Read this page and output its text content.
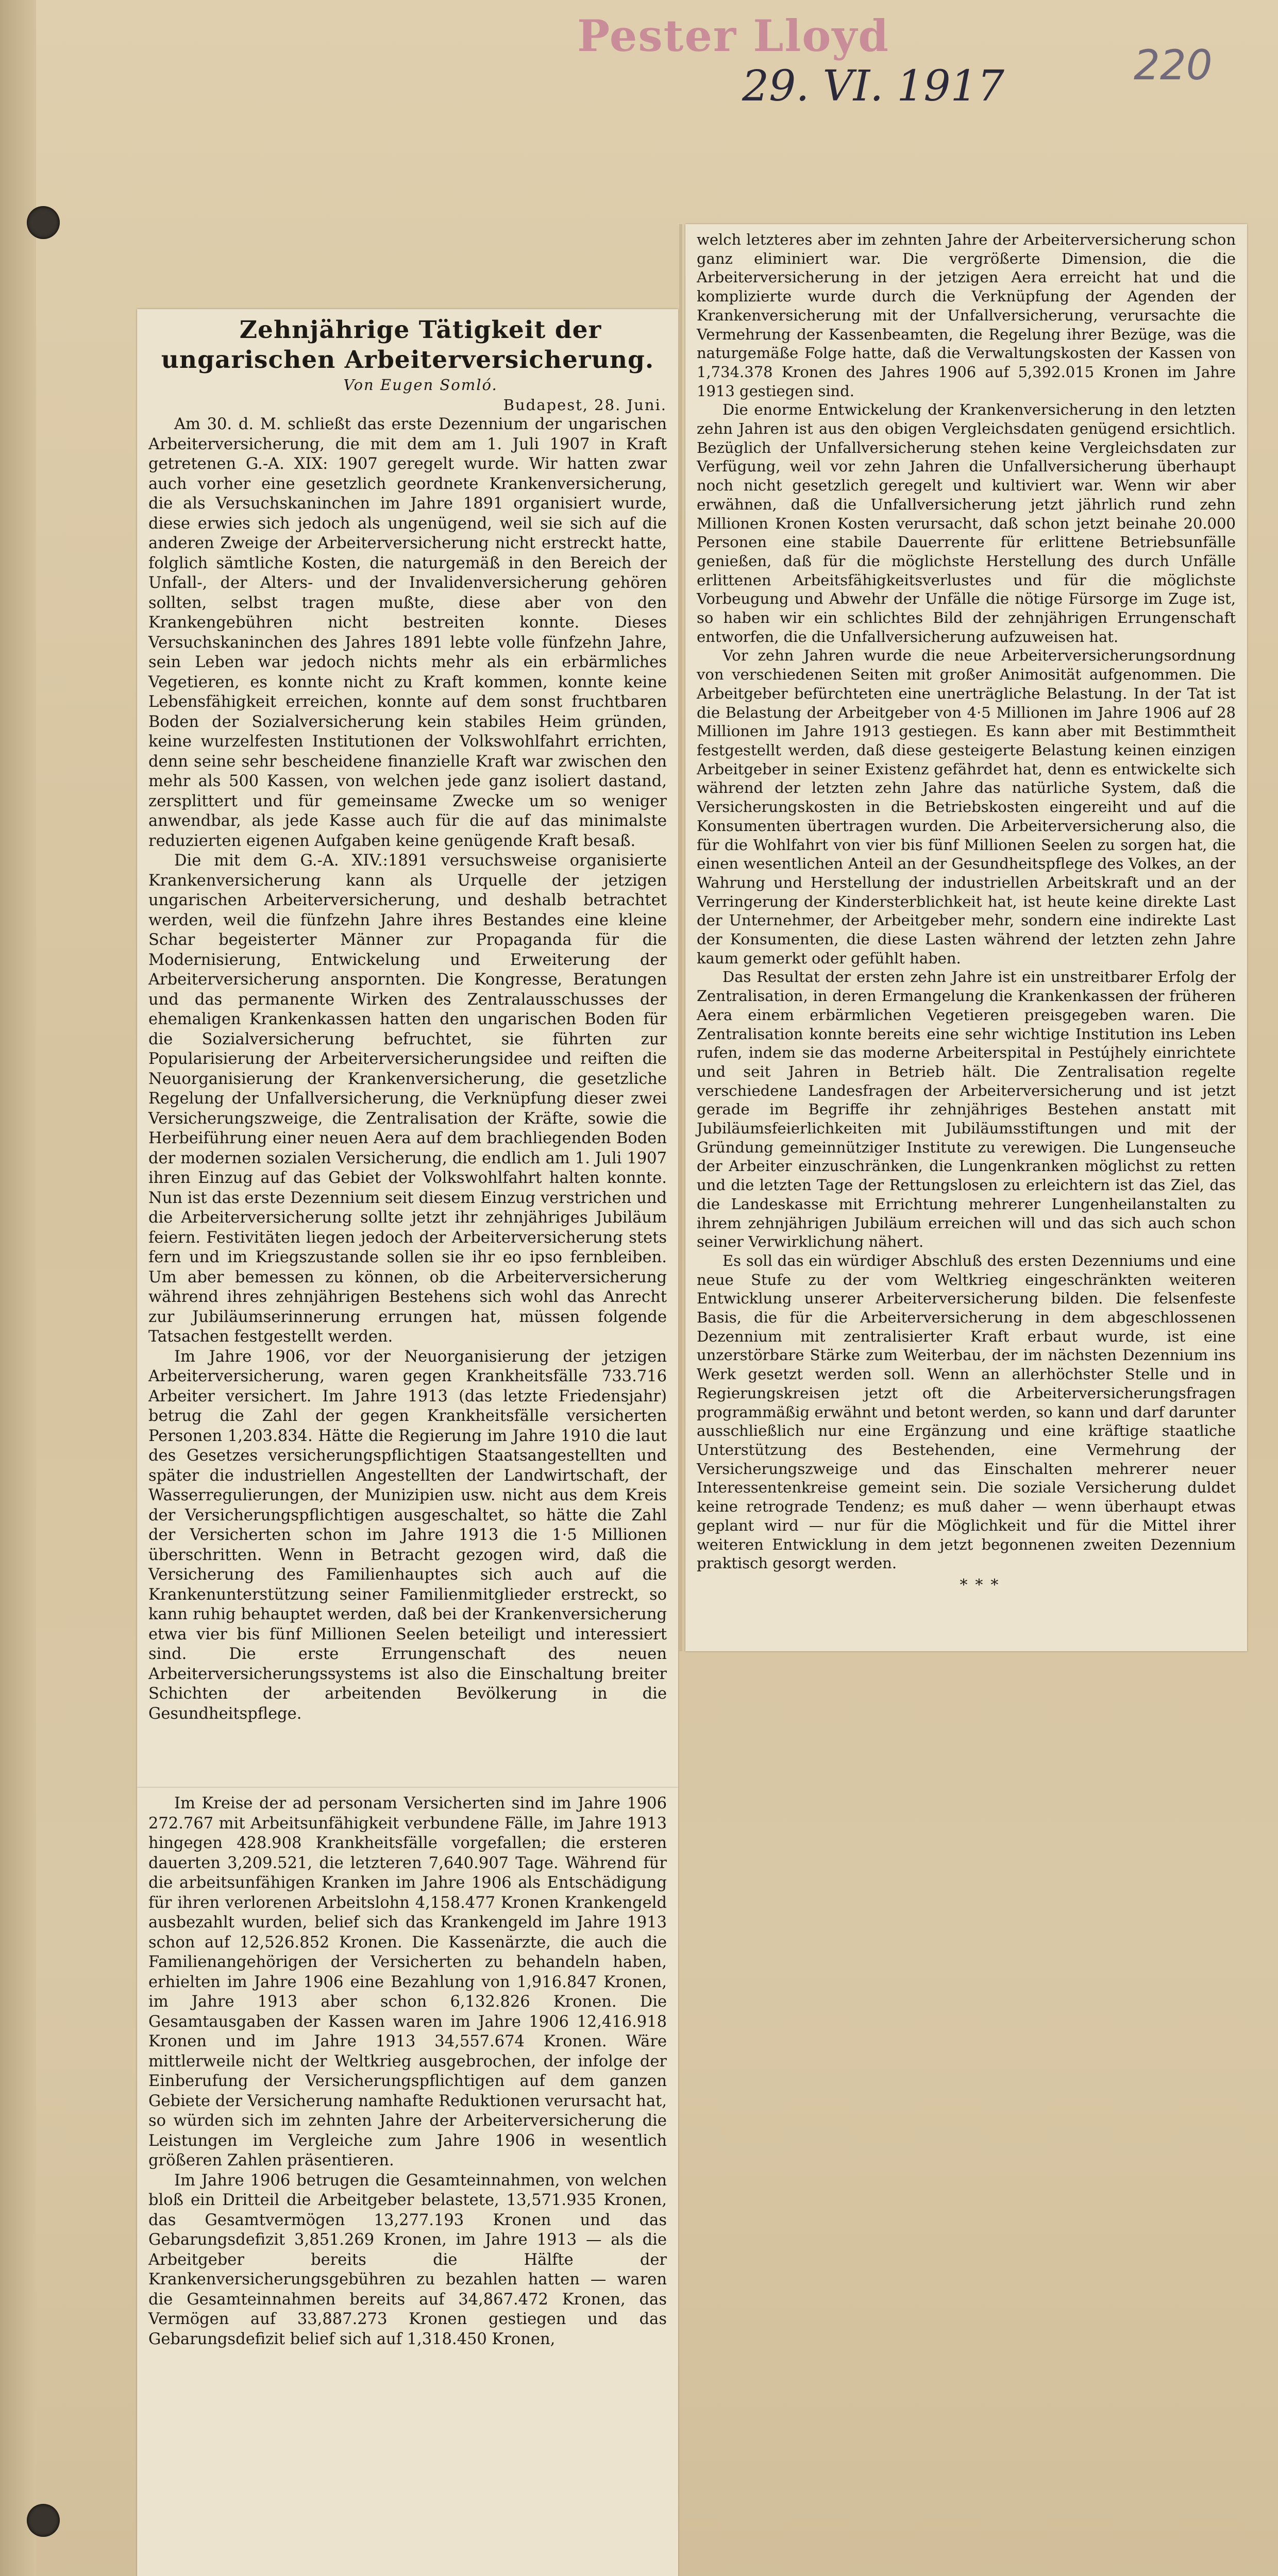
Pester Lloyd
29. VI. 1917	220

Zehnjährige Tätigkeit der ungarischen Arbeiterversicherung.

Von Eugen Somló.

Budapest, 28. Juni.

Am 30. d. M. schließt das erste Dezennium der ungarischen Arbeiterversicherung, die mit dem am 1. Juli 1907 in Kraft getretenen G.-A. XIX: 1907 geregelt wurde. Wir hatten zwar auch vorher eine gesetzlich geordnete Krankenversicherung, die als Versuchskaninchen im Jahre 1891 organisiert wurde, diese erwies sich jedoch als ungenügend, weil sie sich auf die anderen Zweige der Arbeiterversicherung nicht erstreckt hatte, folglich sämtliche Kosten, die naturgemäß in den Bereich der Unfall-, der Alters- und der Invalidenversicherung gehören sollten, selbst tragen mußte, diese aber von den Krankengebühren nicht bestreiten konnte. Dieses Versuchskaninchen des Jahres 1891 lebte volle fünfzehn Jahre, sein Leben war jedoch nichts mehr als ein erbärmliches Vegetieren, es konnte nicht zu Kraft kommen, konnte keine Lebensfähigkeit erreichen, konnte auf dem sonst fruchtbaren Boden der Sozialversicherung kein stabiles Heim gründen, keine wurzelfesten Institutionen der Volkswohlfahrt errichten, denn seine sehr bescheidene finanzielle Kraft war zwischen den mehr als 500 Kassen, von welchen jede ganz isoliert dastand, zersplittert und für gemeinsame Zwecke um so weniger anwendbar, als jede Kasse auch für die auf das minimalste reduzierten eigenen Aufgaben keine genügende Kraft besaß.

Die mit dem G.-A. XIV.:1891 versuchsweise organisierte Krankenversicherung kann als Urquelle der jetzigen ungarischen Arbeiterversicherung, und deshalb betrachtet werden, weil die fünfzehn Jahre ihres Bestandes eine kleine Schar begeisterter Männer zur Propaganda für die Modernisierung, Entwickelung und Erweiterung der Arbeiterversicherung anspornten. Die Kongresse, Beratungen und das permanente Wirken des Zentralausschusses der ehemaligen Krankenkassen hatten den ungarischen Boden für die Sozialversicherung befruchtet, sie führten zur Popularisierung der Arbeiterversicherungsidee und reiften die Neuorganisierung der Krankenversicherung, die gesetzliche Regelung der Unfallversicherung, die Verknüpfung dieser zwei Versicherungszweige, die Zentralisation der Kräfte, sowie die Herbeiführung einer neuen Aera auf dem brachliegenden Boden der modernen sozialen Versicherung, die endlich am 1. Juli 1907 ihren Einzug auf das Gebiet der Volkswohlfahrt halten konnte. Nun ist das erste Dezennium seit diesem Einzug verstrichen und die Arbeiterversicherung sollte jetzt ihr zehnjähriges Jubiläum feiern. Festivitäten liegen jedoch der Arbeiterversicherung stets fern und im Kriegszustande sollen sie ihr eo ipso fernbleiben. Um aber bemessen zu können, ob die Arbeiterversicherung während ihres zehnjährigen Bestehens sich wohl das Anrecht zur Jubiläumserinnerung errungen hat, müssen folgende Tatsachen festgestellt werden.

Im Jahre 1906, vor der Neuorganisierung der jetzigen Arbeiterversicherung, waren gegen Krankheitsfälle 733.716 Arbeiter versichert. Im Jahre 1913 (das letzte Friedensjahr) betrug die Zahl der gegen Krankheitsfälle versicherten Personen 1,203.834. Hätte die Regierung im Jahre 1910 die laut des Gesetzes versicherungspflichtigen Staatsangestellten und später die industriellen Angestellten der Landwirtschaft, der Wasserregulierungen, der Munizipien usw. nicht aus dem Kreis der Versicherungspflichtigen ausgeschaltet, so hätte die Zahl der Versicherten schon im Jahre 1913 die 1·5 Millionen überschritten. Wenn in Betracht gezogen wird, daß die Versicherung des Familienhauptes sich auch auf die Krankenunterstützung seiner Familienmitglieder erstreckt, so kann ruhig behauptet werden, daß bei der Krankenversicherung etwa vier bis fünf Millionen Seelen beteiligt und interessiert sind. Die erste Errungenschaft des neuen Arbeiterversicherungssystems ist also die Einschaltung breiter Schichten der arbeitenden Bevölkerung in die Gesundheitspflege.

Im Kreise der ad personam Versicherten sind im Jahre 1906 272.767 mit Arbeitsunfähigkeit verbundene Fälle, im Jahre 1913 hingegen 428.908 Krankheitsfälle vorgefallen; die ersteren dauerten 3,209.521, die letzteren 7,640.907 Tage. Während für die arbeitsunfähigen Kranken im Jahre 1906 als Entschädigung für ihren verlorenen Arbeitslohn 4,158.477 Kronen Krankengeld ausbezahlt wurden, belief sich das Krankengeld im Jahre 1913 schon auf 12,526.852 Kronen. Die Kassenärzte, die auch die Familienangehörigen der Versicherten zu behandeln haben, erhielten im Jahre 1906 eine Bezahlung von 1,916.847 Kronen, im Jahre 1913 aber schon 6,132.826 Kronen. Die Gesamtausgaben der Kassen waren im Jahre 1906 12,416.918 Kronen und im Jahre 1913 34,557.674 Kronen. Wäre mittlerweile nicht der Weltkrieg ausgebrochen, der infolge der Einberufung der Versicherungspflichtigen auf dem ganzen Gebiete der Versicherung namhafte Reduktionen verursacht hat, so würden sich im zehnten Jahre der Arbeiterversicherung die Leistungen im Vergleiche zum Jahre 1906 in wesentlich größeren Zahlen präsentieren.

Im Jahre 1906 betrugen die Gesamteinnahmen, von welchen bloß ein Dritteil die Arbeitgeber belastete, 13,571.935 Kronen, das Gesamtvermögen 13,277.193 Kronen und das Gebarungsdefizit 3,851.269 Kronen, im Jahre 1913 — als die Arbeitgeber bereits die Hälfte der Krankenversicherungsgebühren zu bezahlen hatten — waren die Gesamteinnahmen bereits auf 34,867.472 Kronen, das Vermögen auf 33,887.273 Kronen gestiegen und das Gebarungsdefizit belief sich auf 1,318.450 Kronen,

welch letzteres aber im zehnten Jahre der Arbeiterversicherung schon ganz eliminiert war. Die vergrößerte Dimension, die die Arbeiterversicherung in der jetzigen Aera erreicht hat und die komplizierte wurde durch die Verknüpfung der Agenden der Krankenversicherung mit der Unfallversicherung, verursachte die Vermehrung der Kassenbeamten, die Regelung ihrer Bezüge, was die naturgemäße Folge hatte, daß die Verwaltungskosten der Kassen von 1,734.378 Kronen des Jahres 1906 auf 5,392.015 Kronen im Jahre 1913 gestiegen sind.

Die enorme Entwickelung der Krankenversicherung in den letzten zehn Jahren ist aus den obigen Vergleichsdaten genügend ersichtlich. Bezüglich der Unfallversicherung stehen keine Vergleichsdaten zur Verfügung, weil vor zehn Jahren die Unfallversicherung überhaupt noch nicht gesetzlich geregelt und kultiviert war. Wenn wir aber erwähnen, daß die Unfallversicherung jetzt jährlich rund zehn Millionen Kronen Kosten verursacht, daß schon jetzt beinahe 20.000 Personen eine stabile Dauerrente für erlittene Betriebsunfälle genießen, daß für die möglichste Herstellung des durch Unfälle erlittenen Arbeitsfähigkeitsverlustes und für die möglichste Vorbeugung und Abwehr der Unfälle die nötige Fürsorge im Zuge ist, so haben wir ein schlichtes Bild der zehnjährigen Errungenschaft entworfen, die die Unfallversicherung aufzuweisen hat.

Vor zehn Jahren wurde die neue Arbeiterversicherungsordnung von verschiedenen Seiten mit großer Animosität aufgenommen. Die Arbeitgeber befürchteten eine unerträgliche Belastung. In der Tat ist die Belastung der Arbeitgeber von 4·5 Millionen im Jahre 1906 auf 28 Millionen im Jahre 1913 gestiegen. Es kann aber mit Bestimmtheit festgestellt werden, daß diese gesteigerte Belastung keinen einzigen Arbeitgeber in seiner Existenz gefährdet hat, denn es entwickelte sich während der letzten zehn Jahre das natürliche System, daß die Versicherungskosten in die Betriebskosten eingereiht und auf die Konsumenten übertragen wurden. Die Arbeiterversicherung also, die für die Wohlfahrt von vier bis fünf Millionen Seelen zu sorgen hat, die einen wesentlichen Anteil an der Gesundheitspflege des Volkes, an der Wahrung und Herstellung der industriellen Arbeitskraft und an der Verringerung der Kindersterblichkeit hat, ist heute keine direkte Last der Unternehmer, der Arbeitgeber mehr, sondern eine indirekte Last der Konsumenten, die diese Lasten während der letzten zehn Jahre kaum gemerkt oder gefühlt haben.

Das Resultat der ersten zehn Jahre ist ein unstreitbarer Erfolg der Zentralisation, in deren Ermangelung die Krankenkassen der früheren Aera einem erbärmlichen Vegetieren preisgegeben waren. Die Zentralisation konnte bereits eine sehr wichtige Institution ins Leben rufen, indem sie das moderne Arbeiterspital in Pestújhely einrichtete und seit Jahren in Betrieb hält. Die Zentralisation regelte verschiedene Landesfragen der Arbeiterversicherung und ist jetzt gerade im Begriffe ihr zehnjähriges Bestehen anstatt mit Jubiläumsfeierlichkeiten mit Jubiläumsstiftungen und mit der Gründung gemeinnütziger Institute zu verewigen. Die Lungenseuche der Arbeiter einzuschränken, die Lungenkranken möglichst zu retten und die letzten Tage der Rettungslosen zu erleichtern ist das Ziel, das die Landeskasse mit Errichtung mehrerer Lungenheilanstalten zu ihrem zehnjährigen Jubiläum erreichen will und das sich auch schon seiner Verwirklichung nähert.

Es soll das ein würdiger Abschluß des ersten Dezenniums und eine neue Stufe zu der vom Weltkrieg eingeschränkten weiteren Entwicklung unserer Arbeiterversicherung bilden. Die felsenfeste Basis, die für die Arbeiterversicherung in dem abgeschlossenen Dezennium mit zentralisierter Kraft erbaut wurde, ist eine unzerstörbare Stärke zum Weiterbau, der im nächsten Dezennium ins Werk gesetzt werden soll. Wenn an allerhöchster Stelle und in Regierungskreisen jetzt oft die Arbeiterversicherungsfragen programmäßig erwähnt und betont werden, so kann und darf darunter ausschließlich nur eine Ergänzung und eine kräftige staatliche Unterstützung des Bestehenden, eine Vermehrung der Versicherungszweige und das Einschalten mehrerer neuer Interessentenkreise gemeint sein. Die soziale Versicherung duldet keine retrograde Tendenz; es muß daher — wenn überhaupt etwas geplant wird — nur für die Möglichkeit und für die Mittel ihrer weiteren Entwicklung in dem jetzt begonnenen zweiten Dezennium praktisch gesorgt werden.

∗ ∗ ∗
